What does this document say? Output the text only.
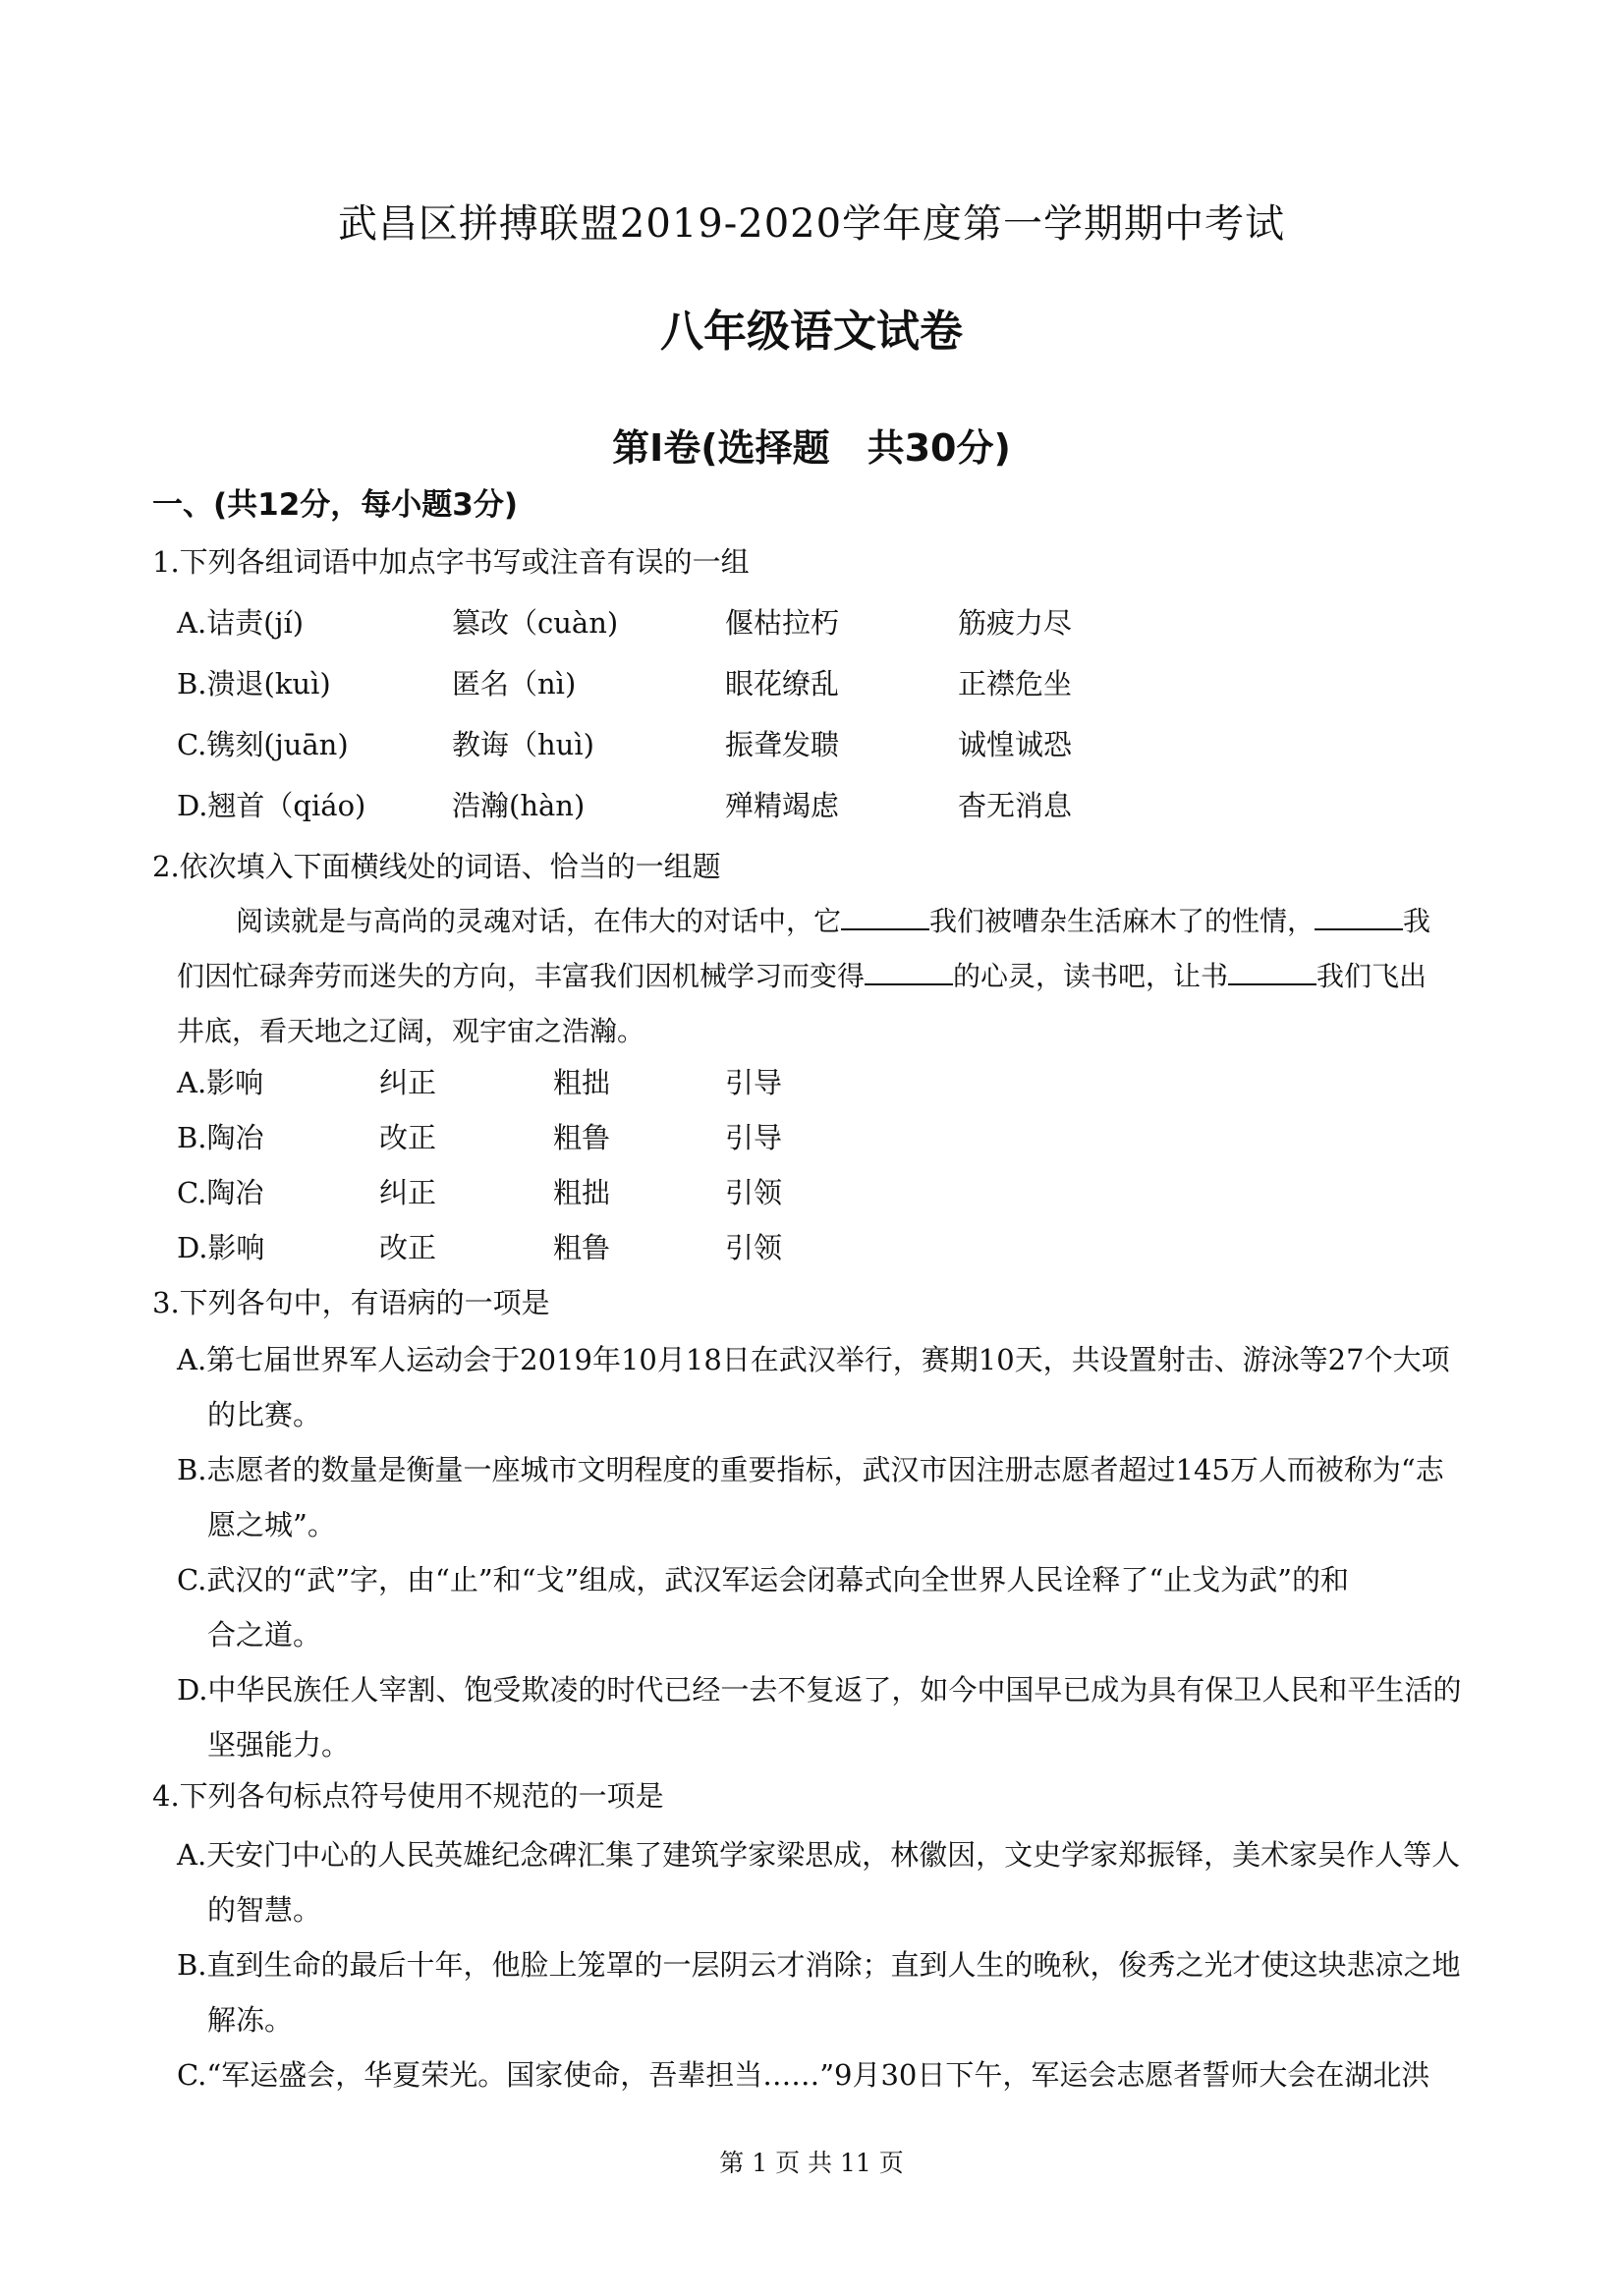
武昌区拼搏联盟2019-2020学年度第一学期期中考试
八年级语文试卷
第Ⅰ卷(选择题　共30分)
一、(共12分，每小题3分)
1.下列各组词语中加点字书写或注音有误的一组
A.诘责(jí)	篡改（cuàn)	偃枯拉朽	筋疲力尽
B.溃退(kuì)	匿名（nì)	眼花缭乱	正襟危坐
C.镌刻(juān)	教诲（huì)	振聋发聩	诚惶诚恐
D.翘首（qiáo)	浩瀚(hàn)	殚精竭虑	杳无消息
2.依次填入下面横线处的词语、恰当的一组题
阅读就是与高尚的灵魂对话，在伟大的对话中，它	我们被嘈杂生活麻木了的性情，	我
们因忙碌奔劳而迷失的方向，丰富我们因机械学习而变得	的心灵，读书吧，让书	我们飞出
井底，看天地之辽阔，观宇宙之浩瀚。
A.影响	纠正	粗拙	引导
B.陶冶	改正	粗鲁	引导
C.陶冶	纠正	粗拙	引领
D.影响	改正	粗鲁	引领
3.下列各句中，有语病的一项是
A.第七届世界军人运动会于2019年10月18日在武汉举行，赛期10天，共设置射击、游泳等27个大项
的比赛。
B.志愿者的数量是衡量一座城市文明程度的重要指标，武汉市因注册志愿者超过145万人而被称为“志
愿之城”。
C.武汉的“武”字，由“止”和“戈”组成，武汉军运会闭幕式向全世界人民诠释了“止戈为武”的和
合之道。
D.中华民族任人宰割、饱受欺凌的时代已经一去不复返了，如今中国早已成为具有保卫人民和平生活的
坚强能力。
4.下列各句标点符号使用不规范的一项是
A.天安门中心的人民英雄纪念碑汇集了建筑学家梁思成，林徽因，文史学家郑振铎，美术家吴作人等人
的智慧。
B.直到生命的最后十年，他脸上笼罩的一层阴云才消除；直到人生的晚秋，俊秀之光才使这块悲凉之地
解冻。
C.“军运盛会，华夏荣光。国家使命，吾辈担当……”9月30日下午，军运会志愿者誓师大会在湖北洪
第 1 页 共 11 页
